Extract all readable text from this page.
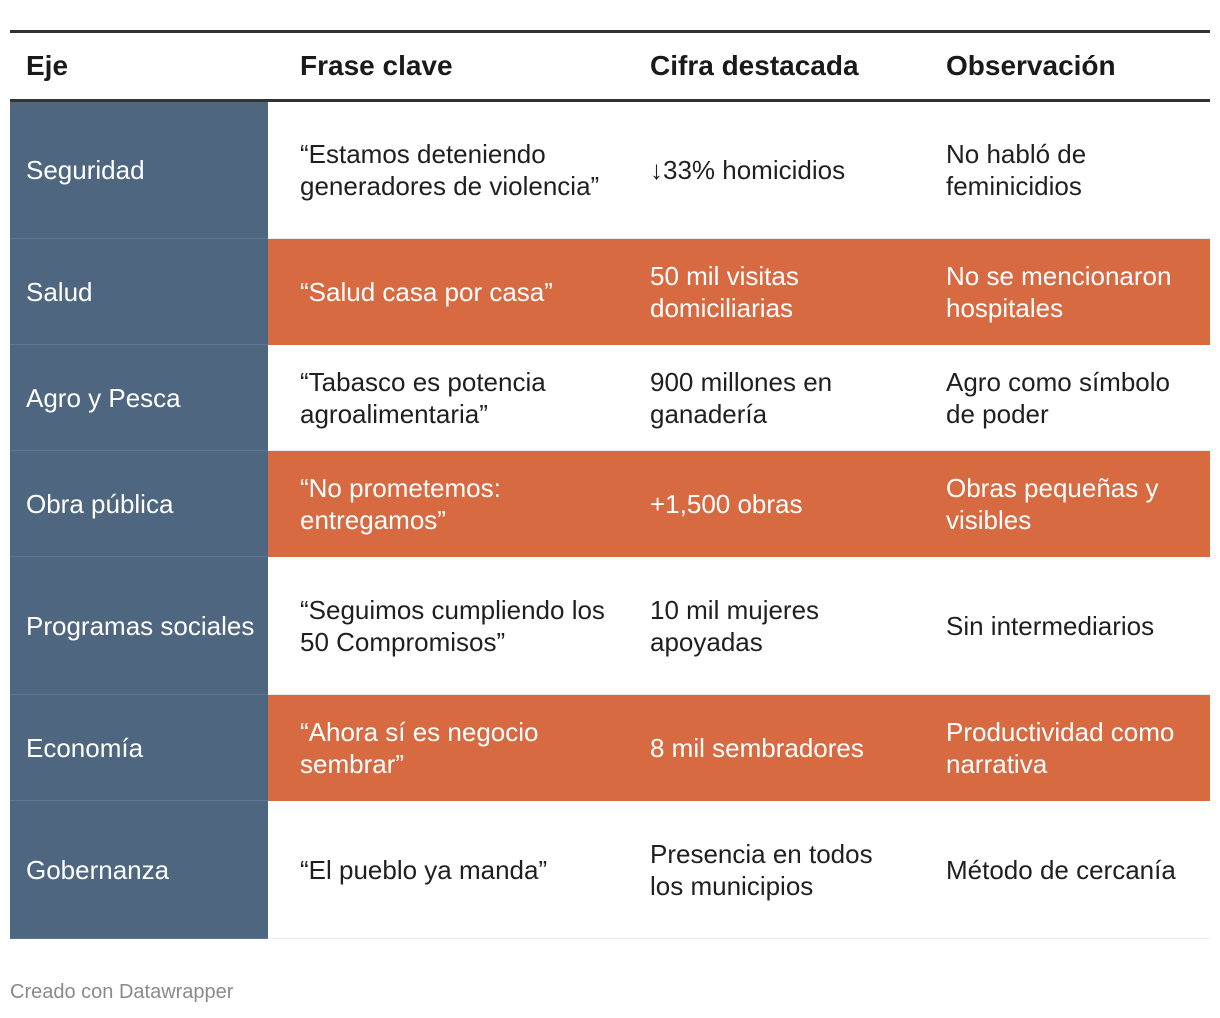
Eje	Frase clave	Cifra destacada	Observación
Seguridad	“Estamos deteniendo generadores de violencia”	↓33% homicidios	No habló de feminicidios
Salud	“Salud casa por casa”	50 mil visitas domiciliarias	No se mencionaron hospitales
Agro y Pesca	“Tabasco es potencia agroalimentaria”	900 millones en ganadería	Agro como símbolo de poder
Obra pública	“No prometemos: entregamos”	+1,500 obras	Obras pequeñas y visibles
Programas sociales	“Seguimos cumpliendo los 50 Compromisos”	10 mil mujeres apoyadas	Sin intermediarios
Economía	“Ahora sí es negocio sembrar”	8 mil sembradores	Productividad como narrativa
Gobernanza	“El pueblo ya manda”	Presencia en todos los municipios	Método de cercanía
Creado con Datawrapper
